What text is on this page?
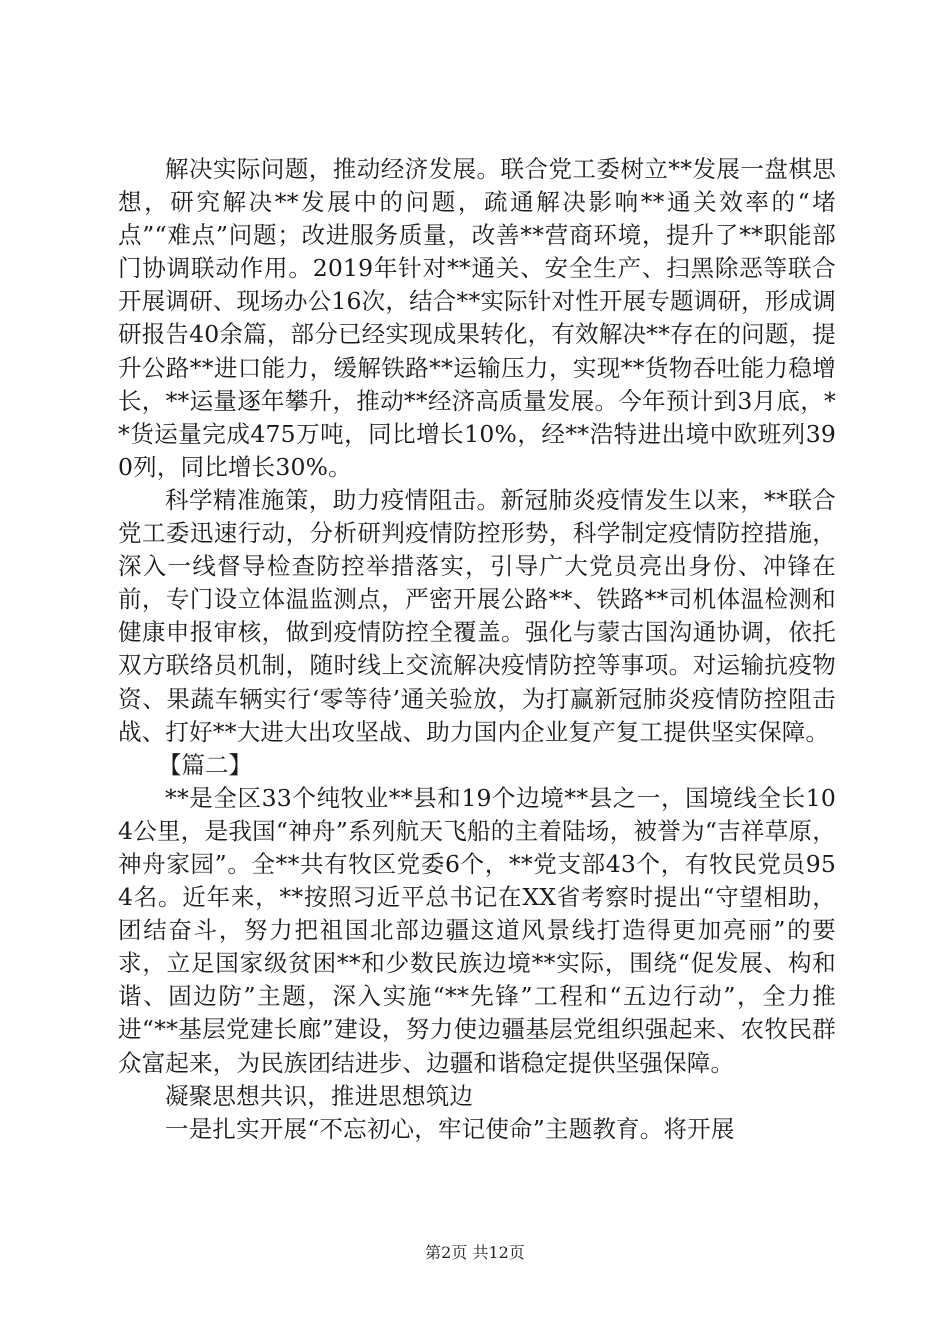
解决实际问题，推动经济发展。联合党工委树立**发展一盘棋思想，研究解决**发展中的问题，疏通解决影响**通关效率的“堵点”“难点”问题；改进服务质量，改善**营商环境，提升了**职能部门协调联动作用。2019年针对**通关、安全生产、扫黑除恶等联合开展调研、现场办公16次，结合**实际针对性开展专题调研，形成调研报告40余篇，部分已经实现成果转化，有效解决**存在的问题，提升公路**进口能力，缓解铁路**运输压力，实现**货物吞吐能力稳增长，**运量逐年攀升，推动**经济高质量发展。今年预计到3月底，**货运量完成475万吨，同比增长10%，经**浩特进出境中欧班列390列，同比增长30%。

科学精准施策，助力疫情阻击。新冠肺炎疫情发生以来，**联合党工委迅速行动，分析研判疫情防控形势，科学制定疫情防控措施，深入一线督导检查防控举措落实，引导广大党员亮出身份、冲锋在前，专门设立体温监测点，严密开展公路**、铁路**司机体温检测和健康申报审核，做到疫情防控全覆盖。强化与蒙古国沟通协调，依托双方联络员机制，随时线上交流解决疫情防控等事项。对运输抗疫物资、果蔬车辆实行‘零等待’通关验放，为打赢新冠肺炎疫情防控阻击战、打好**大进大出攻坚战、助力国内企业复产复工提供坚实保障。

【篇二】

**是全区33个纯牧业**县和19个边境**县之一，国境线全长104公里，是我国“神舟”系列航天飞船的主着陆场，被誉为“吉祥草原，神舟家园”。全**共有牧区党委6个，**党支部43个，有牧民党员954名。近年来，**按照习近平总书记在XX省考察时提出“守望相助，团结奋斗，努力把祖国北部边疆这道风景线打造得更加亮丽”的要求，立足国家级贫困**和少数民族边境**实际，围绕“促发展、构和谐、固边防”主题，深入实施“**先锋”工程和“五边行动”，全力推进“**基层党建长廊”建设，努力使边疆基层党组织强起来、农牧民群众富起来，为民族团结进步、边疆和谐稳定提供坚强保障。

凝聚思想共识，推进思想筑边

一是扎实开展“不忘初心，牢记使命”主题教育。将开展

第2页 共12页
